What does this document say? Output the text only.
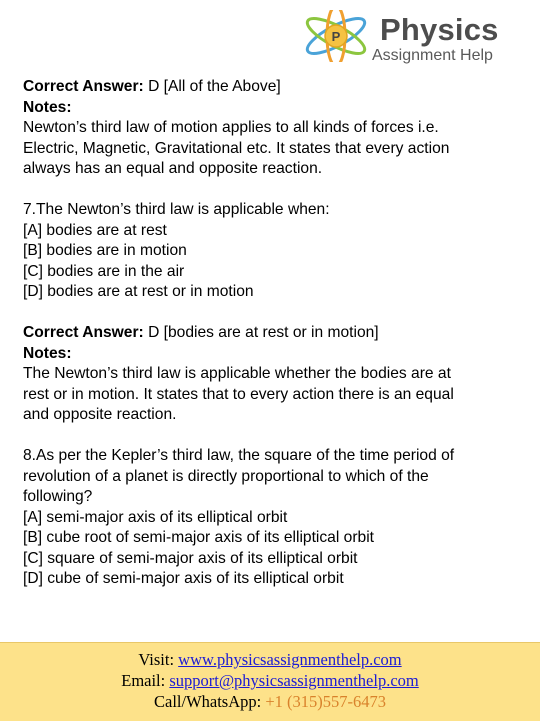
P Physics
Assignment Help
Correct Answer: D [All of the Above]
Notes:
Newton’s third law of motion applies to all kinds of forces i.e.
Electric, Magnetic, Gravitational etc. It states that every action
always has an equal and opposite reaction.
7.The Newton’s third law is applicable when:
[A] bodies are at rest
[B] bodies are in motion
[C] bodies are in the air
[D] bodies are at rest or in motion
Correct Answer: D [bodies are at rest or in motion]
Notes:
The Newton’s third law is applicable whether the bodies are at
rest or in motion. It states that to every action there is an equal
and opposite reaction.
8.As per the Kepler’s third law, the square of the time period of
revolution of a planet is directly proportional to which of the
following?
[A] semi-major axis of its elliptical orbit
[B] cube root of semi-major axis of its elliptical orbit
[C] square of semi-major axis of its elliptical orbit
[D] cube of semi-major axis of its elliptical orbit
Visit: www.physicsassignmenthelp.com
Email: support@physicsassignmenthelp.com
Call/WhatsApp: +1 (315)557-6473
